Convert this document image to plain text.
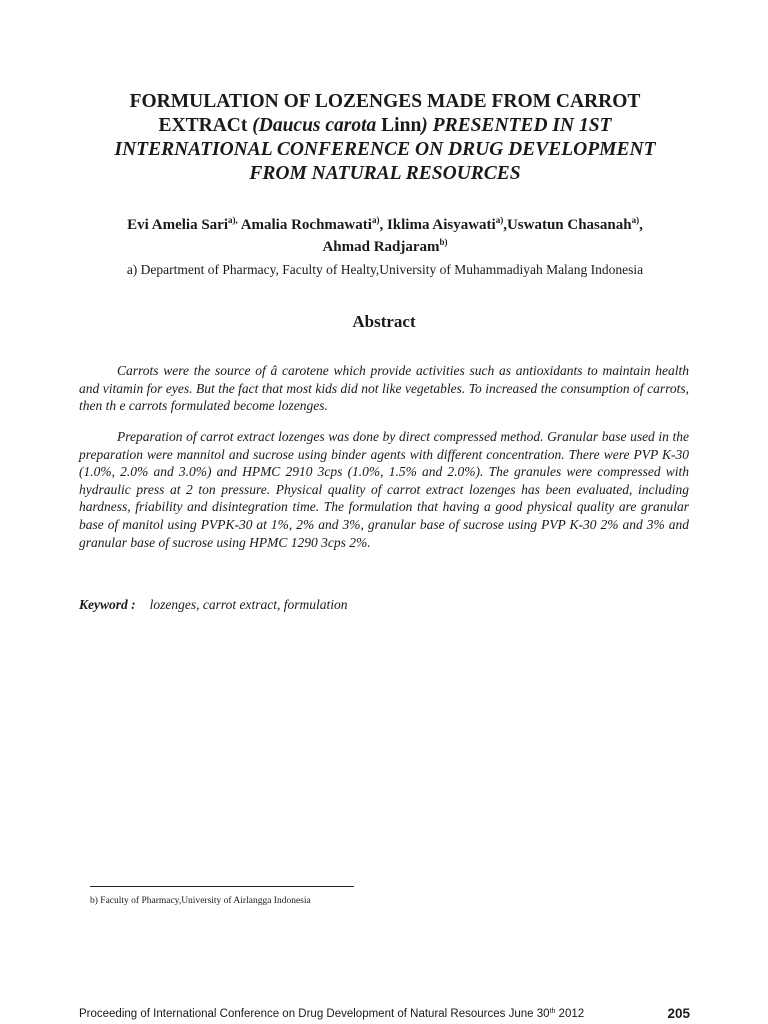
FORMULATION OF LOZENGES MADE FROM CARROT
EXTRACt (Daucus carota Linn) PRESENTED IN 1ST
INTERNATIONAL CONFERENCE ON DRUG DEVELOPMENT
FROM NATURAL RESOURCES
Evi Amelia Sari$^{a),}$ Amalia Rochmawati$^{a)}$, Iklima Aisyawati$^{a)}$,Uswatun Chasanah$^{a)}$,
Ahmad Radjaram$^{b)}$
a) Department of Pharmacy, Faculty of Healty,University of Muhammadiyah Malang Indonesia
Abstract
Carrots were the source of â carotene which provide activities such as antioxidants to maintain health and vitamin for eyes. But the fact that most kids did not like vegetables. To increased the consumption of carrots, then th e carrots formulated become lozenges.
Preparation of carrot extract lozenges was done by direct compressed method. Granular base used in the preparation were mannitol and sucrose using binder agents with different concentration. There were PVP K-30 (1.0%, 2.0% and 3.0%) and HPMC 2910 3cps (1.0%, 1.5% and 2.0%). The granules were compressed with hydraulic press at 2 ton pressure. Physical quality of carrot extract lozenges has been evaluated, including hardness, friability and disintegration time. The formulation that having a good physical quality are granular base of manitol using PVPK-30 at 1%, 2% and 3%, granular base of sucrose using PVP K-30 2% and 3% and granular base of sucrose using HPMC 1290 3cps 2%.
Keyword : lozenges, carrot extract, formulation
b) Faculty of Pharmacy,University of Airlangga Indonesia
Proceeding of International Conference on Drug Development of Natural Resources June 30th 2012	205
